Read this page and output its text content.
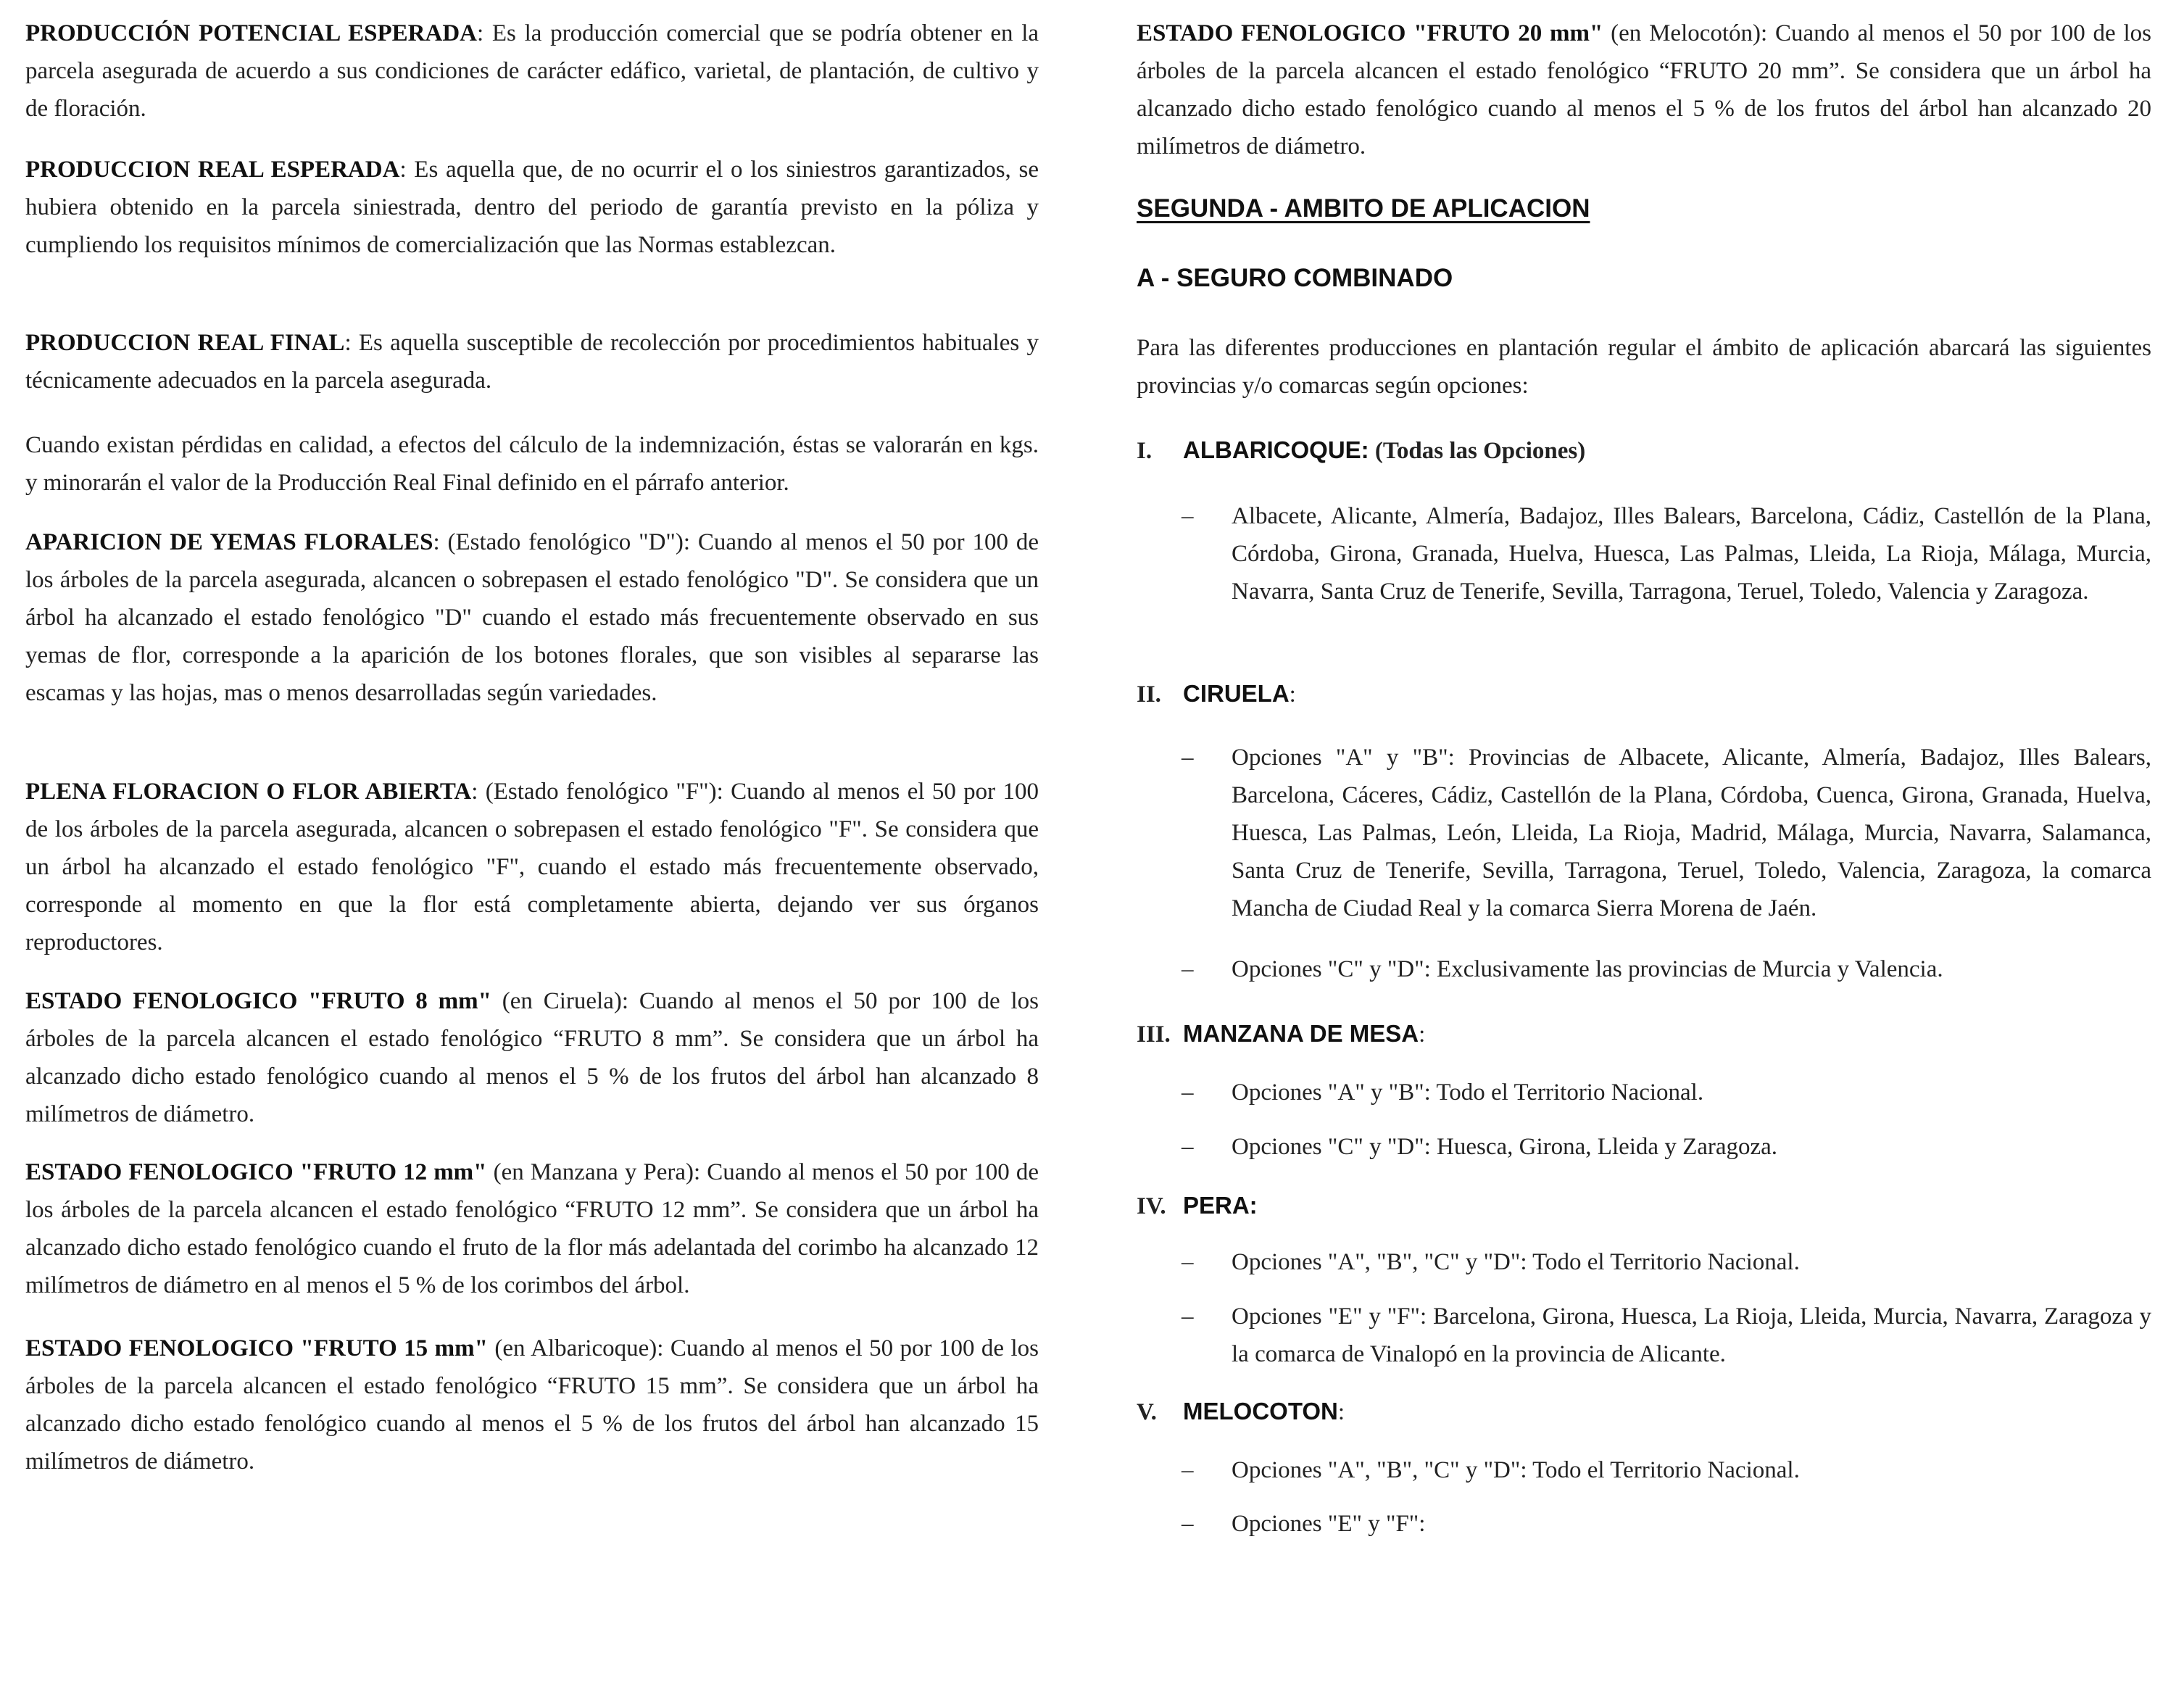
PRODUCCIÓN POTENCIAL ESPERADA: Es la producción comercial que se podría obtener en la parcela asegurada de acuerdo a sus condiciones de carácter edáfico, varietal, de plantación, de cultivo y de floración.
PRODUCCION REAL ESPERADA: Es aquella que, de no ocurrir el o los siniestros garantizados, se hubiera obtenido en la parcela siniestrada, dentro del periodo de garantía previsto en la póliza y cumpliendo los requisitos mínimos de comercialización que las Normas establezcan.
PRODUCCION REAL FINAL: Es aquella susceptible de recolección por procedimientos habituales y técnicamente adecuados en la parcela asegurada.
Cuando existan pérdidas en calidad, a efectos del cálculo de la indemnización, éstas se valorarán en kgs. y minorarán el valor de la Producción Real Final definido en el párrafo anterior.
APARICION DE YEMAS FLORALES: (Estado fenológico "D"): Cuando al menos el 50 por 100 de los árboles de la parcela asegurada, alcancen o sobrepasen el estado fenológico "D". Se considera que un árbol ha alcanzado el estado fenológico "D" cuando el estado más frecuentemente observado en sus yemas de flor, corresponde a la aparición de los botones florales, que son visibles al separarse las escamas y las hojas, mas o menos desarrolladas según variedades.
PLENA FLORACION O FLOR ABIERTA: (Estado fenológico "F"): Cuando al menos el 50 por 100 de los árboles de la parcela asegurada, alcancen o sobrepasen el estado fenológico "F". Se considera que un árbol ha alcanzado el estado fenológico "F", cuando el estado más frecuentemente observado, corresponde al momento en que la flor está completamente abierta, dejando ver sus órganos reproductores.
ESTADO FENOLOGICO "FRUTO 8 mm" (en Ciruela): Cuando al menos el 50 por 100 de los árboles de la parcela alcancen el estado fenológico “FRUTO 8 mm”. Se considera que un árbol ha alcanzado dicho estado fenológico cuando al menos el 5 % de los frutos del árbol han alcanzado 8 milímetros de diámetro.
ESTADO FENOLOGICO "FRUTO 12 mm" (en Manzana y Pera): Cuando al menos el 50 por 100 de los árboles de la parcela alcancen el estado fenológico “FRUTO 12 mm”. Se considera que un árbol ha alcanzado dicho estado fenológico cuando el fruto de la flor más adelantada del corimbo ha alcanzado 12 milímetros de diámetro en al menos el 5 % de los corimbos del árbol.
ESTADO FENOLOGICO "FRUTO 15 mm" (en Albaricoque): Cuando al menos el 50 por 100 de los árboles de la parcela alcancen el estado fenológico “FRUTO 15 mm”. Se considera que un árbol ha alcanzado dicho estado fenológico cuando al menos el 5 % de los frutos del árbol han alcanzado 15 milímetros de diámetro.
ESTADO FENOLOGICO "FRUTO 20 mm" (en Melocotón): Cuando al menos el 50 por 100 de los árboles de la parcela alcancen el estado fenológico “FRUTO 20 mm”. Se considera que un árbol ha alcanzado dicho estado fenológico cuando al menos el 5 % de los frutos del árbol han alcanzado 20 milímetros de diámetro.
SEGUNDA - AMBITO DE APLICACION
A - SEGURO COMBINADO
Para las diferentes producciones en plantación regular el ámbito de aplicación abarcará las siguientes provincias y/o comarcas según opciones:
I. ALBARICOQUE: (Todas las Opciones)
– Albacete, Alicante, Almería, Badajoz, Illes Balears, Barcelona, Cádiz, Castellón de la Plana, Córdoba, Girona, Granada, Huelva, Huesca, Las Palmas, Lleida, La Rioja, Málaga, Murcia, Navarra, Santa Cruz de Tenerife, Sevilla, Tarragona, Teruel, Toledo, Valencia y Zaragoza.
II. CIRUELA:
– Opciones "A" y "B": Provincias de Albacete, Alicante, Almería, Badajoz, Illes Balears, Barcelona, Cáceres, Cádiz, Castellón de la Plana, Córdoba, Cuenca, Girona, Granada, Huelva, Huesca, Las Palmas, León, Lleida, La Rioja, Madrid, Málaga, Murcia, Navarra, Salamanca, Santa Cruz de Tenerife, Sevilla, Tarragona, Teruel, Toledo, Valencia, Zaragoza, la comarca Mancha de Ciudad Real y la comarca Sierra Morena de Jaén.
– Opciones "C" y "D": Exclusivamente las provincias de Murcia y Valencia.
III. MANZANA DE MESA:
– Opciones "A" y "B": Todo el Territorio Nacional.
– Opciones "C" y "D": Huesca, Girona, Lleida y Zaragoza.
IV. PERA:
– Opciones "A", "B", "C" y "D": Todo el Territorio Nacional.
– Opciones "E" y "F": Barcelona, Girona, Huesca, La Rioja, Lleida, Murcia, Navarra, Zaragoza y la comarca de Vinalopó en la provincia de Alicante.
V. MELOCOTON:
– Opciones "A", "B", "C" y "D": Todo el Territorio Nacional.
– Opciones "E" y "F":
